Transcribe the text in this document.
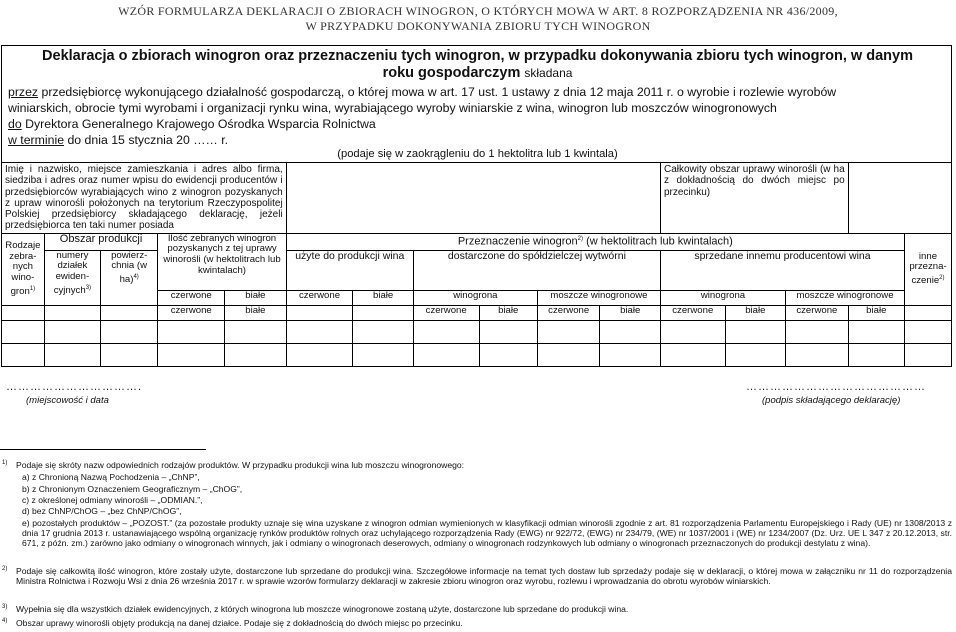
WZÓR FORMULARZA DEKLARACJI O ZBIORACH WINOGRON, O KTÓRYCH MOWA W ART. 8 ROZPORZĄDZENIA NR 436/2009,
W PRZYPADKU DOKONYWANIA ZBIORU TYCH WINOGRON
Deklaracja o zbiorach winogron oraz przeznaczeniu tych winogron, w przypadku dokonywania zbioru tych winogron, w danym
roku gospodarczym składana
przez przedsiębiorcę wykonującego działalność gospodarczą, o której mowa w art. 17 ust. 1 ustawy z dnia 12 maja 2011 r. o wyrobie i rozlewie wyrobów
winiarskich, obrocie tymi wyrobami i organizacji rynku wina, wyrabiającego wyroby winiarskie z wina, winogron lub moszczów winogronowych
do Dyrektora Generalnego Krajowego Ośrodka Wsparcia Rolnictwa
w terminie do dnia 15 stycznia 20 …… r.
(podaje się w zaokrągleniu do 1 hektolitra lub 1 kwintala)
Imię i nazwisko, miejsce zamieszkania i adres albo firma, siedziba i adres oraz numer wpisu do ewidencji producentów i przedsiębiorców wyrabiających wino z winogron pozyskanych z upraw winorośli położonych na terytorium Rzeczypospolitej Polskiej przedsiębiorcy składającego deklarację, jeżeli przedsiębiorca ten taki numer posiada											Całkowity obszar uprawy winorośli (w ha z dokładnością do dwóch miejsc po przecinku)				
Rodzaje zebra-nych wino-gron$^{1)}$	Obszar produkcji		Ilość zebranych winogron pozyskanych z tej uprawy winorośli (w hektolitrach lub kwintalach)		Przeznaczenie winogron$^{2)}$ (w hektolitrach lub kwintalach)										inne przezna-czenie$^{2)}$
	numery działek ewiden-cyjnych$^{3)}$	powierz-chnia (w ha)$^{4)}$			użyte do produkcji wina		dostarczone do spółdzielczej wytwórni				sprzedane innemu producentowi wina				
			czerwone	białe	czerwone	białe	winogrona		moszcze winogronowe		winogrona		moszcze winogronowe		
			czerwone	białe			czerwone	białe	czerwone	białe	czerwone	białe	czerwone	białe	

…………………………….
(miejscowość i data
………………………………………
(podpis składającego deklarację)
1) Podaje się skróty nazw odpowiednich rodzajów produktów. W przypadku produkcji wina lub moszczu winogronowego:
a) z Chronioną Nazwą Pochodzenia – „ChNP”,
b) z Chronionym Oznaczeniem Geograficznym – „ChOG”,
c) z określonej odmiany winorośli – „ODMIAN.”,
d) bez ChNP/ChOG – „bez ChNP/ChOG”,
e) pozostałych produktów – „POZOST.” (za pozostałe produkty uznaje się wina uzyskane z winogron odmian wymienionych w klasyfikacji odmian winorośli zgodnie z art. 81 rozporządzenia Parlamentu Europejskiego i Rady (UE) nr 1308/2013 z dnia 17 grudnia 2013 r. ustanawiającego wspólną organizację rynków produktów rolnych oraz uchylającego rozporządzenia Rady (EWG) nr 922/72, (EWG) nr 234/79, (WE) nr 1037/2001 i (WE) nr 1234/2007 (Dz. Urz. UE L 347 z 20.12.2013, str. 671, z późn. zm.) zarówno jako odmiany o winogronach winnych, jak i odmiany o winogronach deserowych, odmiany o winogronach rodzynkowych lub odmiany o winogronach przeznaczonych do produkcji destylatu z wina).
2) Podaje się całkowitą ilość winogron, które zostały użyte, dostarczone lub sprzedane do produkcji wina. Szczegółowe informacje na temat tych dostaw lub sprzedaży podaje się w deklaracji, o której mowa w załączniku nr 11 do rozporządzenia Ministra Rolnictwa i Rozwoju Wsi z dnia 26 września 2017 r. w sprawie wzorów formularzy deklaracji w zakresie zbioru winogron oraz wyrobu, rozlewu i wprowadzania do obrotu wyrobów winiarskich.
3) Wypełnia się dla wszystkich działek ewidencyjnych, z których winogrona lub moszcze winogronowe zostaną użyte, dostarczone lub sprzedane do produkcji wina.
4) Obszar uprawy winorośli objęty produkcją na danej działce. Podaje się z dokładnością do dwóch miejsc po przecinku.
